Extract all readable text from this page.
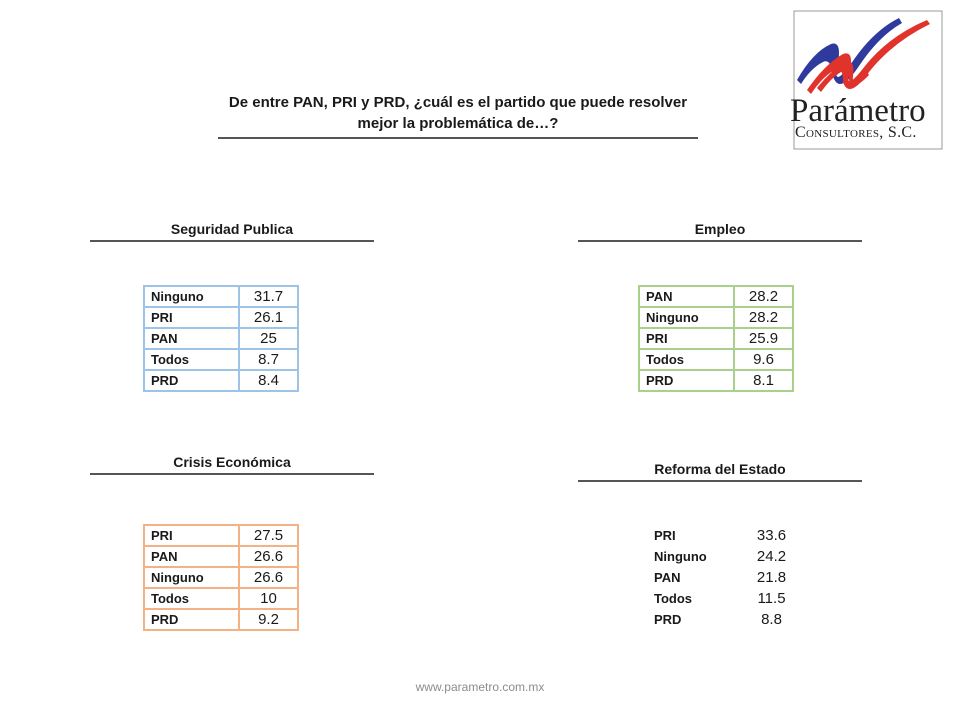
De entre PAN, PRI y PRD, ¿cuál es el partido que puede resolver mejor la problemática de…?	Parámetro
Consultores, S.C.
Seguridad Publica
Ninguno	31.7
PRI	26.1
PAN	25
Todos	8.7
PRD	8.4
Empleo
PAN	28.2
Ninguno	28.2
PRI	25.9
Todos	9.6
PRD	8.1
Crisis Económica
PRI	27.5
PAN	26.6
Ninguno	26.6
Todos	10
PRD	9.2
Reforma del Estado
PRI	33.6
Ninguno	24.2
PAN	21.8
Todos	11.5
PRD	8.8
www.parametro.com.mx
